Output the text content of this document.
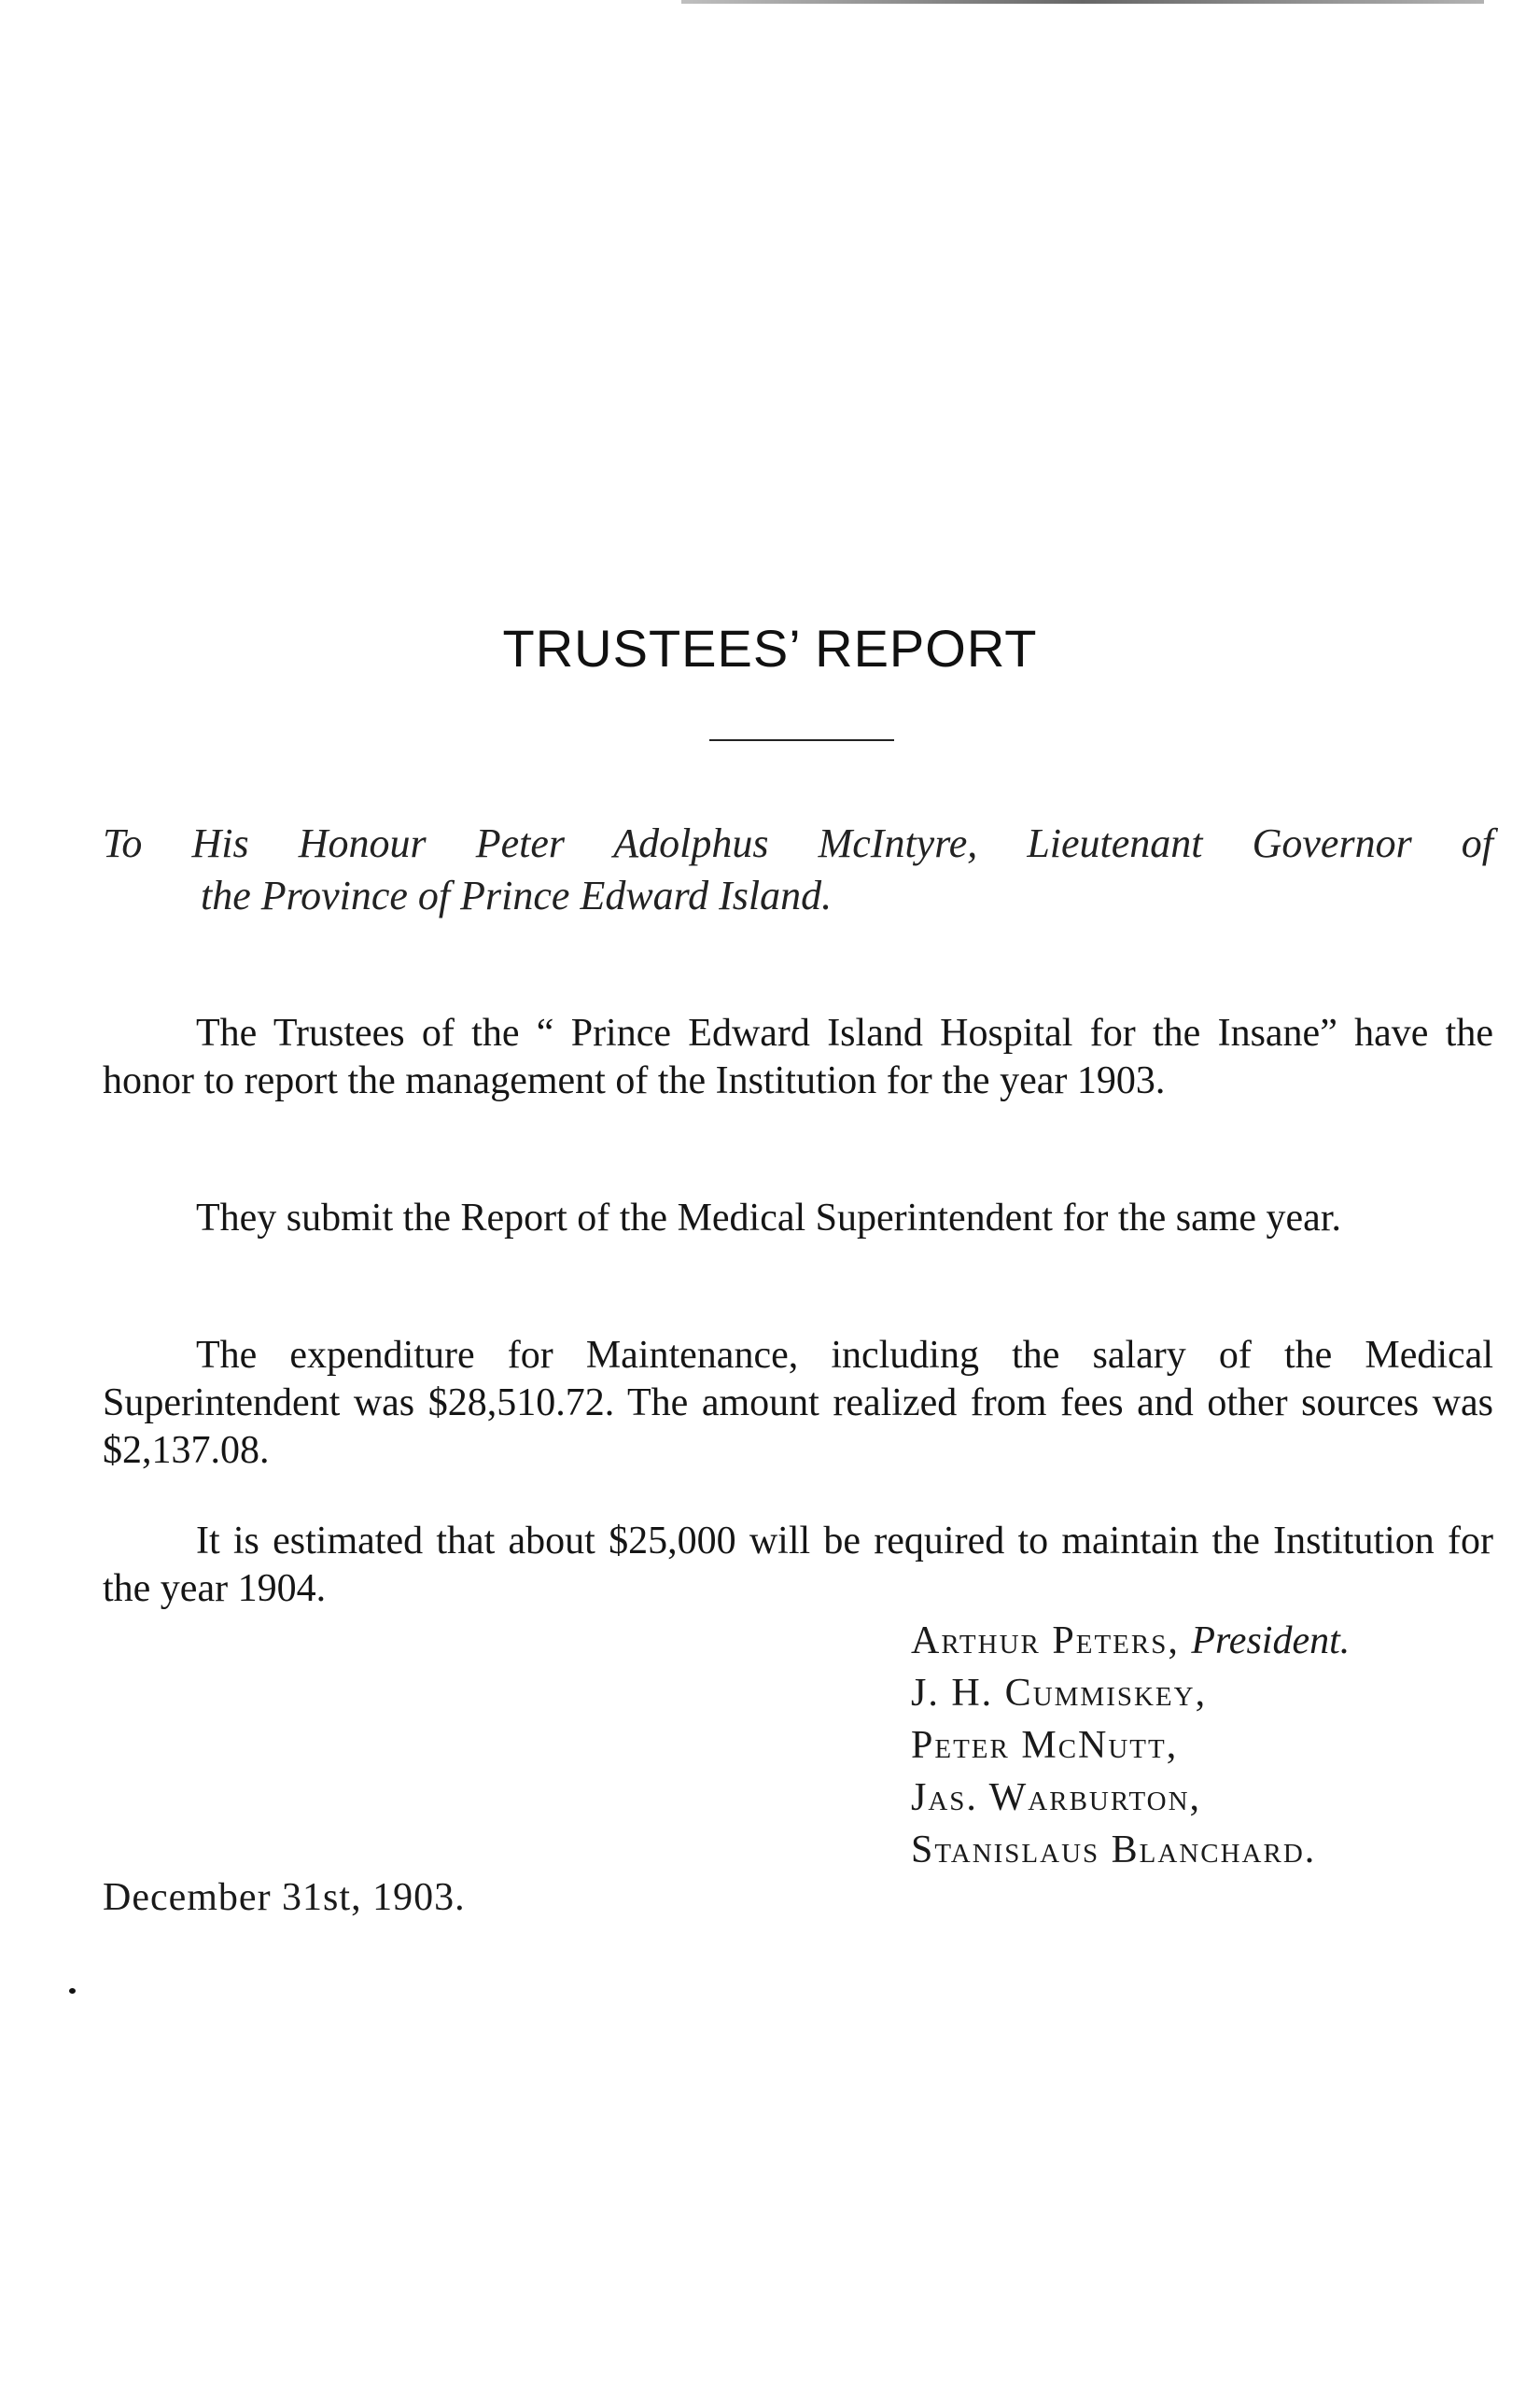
TRUSTEES’ REPORT
To His Honour Peter Adolphus McIntyre, Lieutenant Governor of
the Province of Prince Edward Island.

The Trustees of the “ Prince Edward Island Hospital for the Insane” have the honor to report the management of the Institution for the year 1903.

They submit the Report of the Medical Superintendent for the same year.

The expenditure for Maintenance, including the salary of the Medical Superintendent was $28,510.72. The amount realized from fees and other sources was $2,137.08.

It is estimated that about $25,000 will be required to maintain the Institution for the year 1904.

Arthur Peters, President.
J. H. Cummiskey,
Peter McNutt,
Jas. Warburton,
Stanislaus Blanchard.
December 31st, 1903.
